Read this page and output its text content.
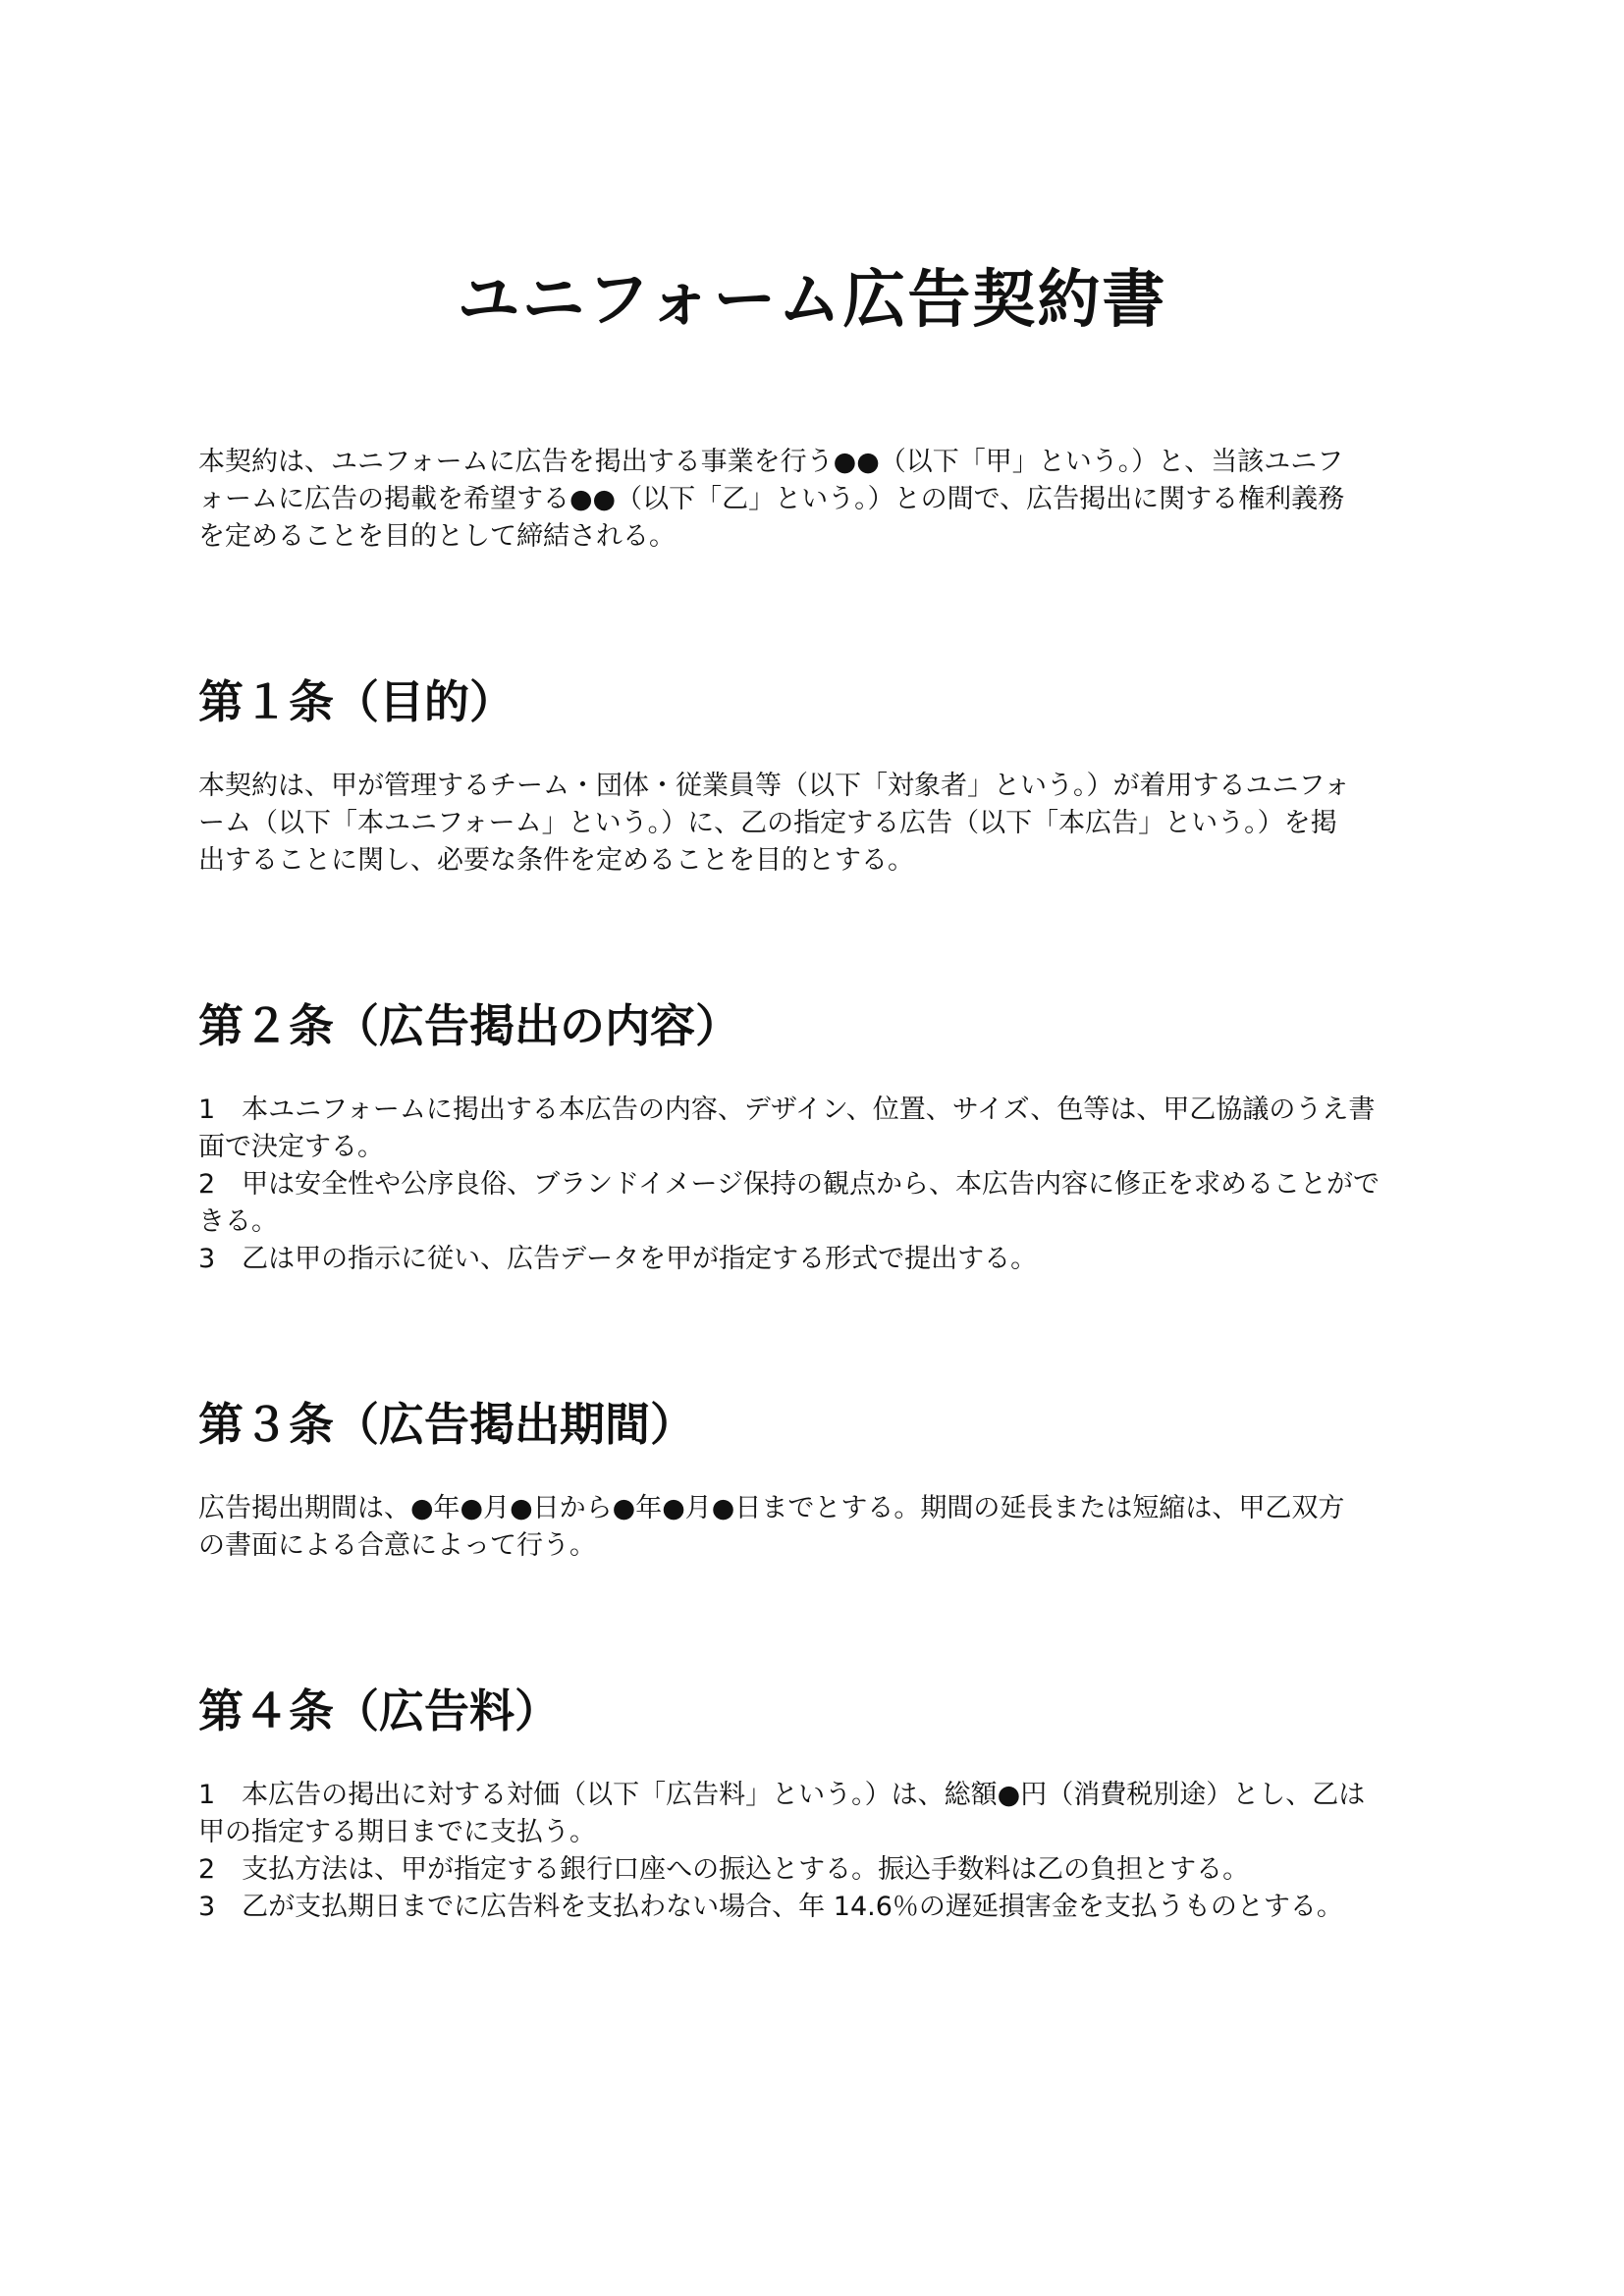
ユニフォーム広告契約書
本契約は、ユニフォームに広告を掲出する事業を行う●●（以下「甲」という。）と、当該ユニフ
ォームに広告の掲載を希望する●●（以下「乙」という。）との間で、広告掲出に関する権利義務
を定めることを目的として締結される。
第１条（目的）
本契約は、甲が管理するチーム・団体・従業員等（以下「対象者」という。）が着用するユニフォ
ーム（以下「本ユニフォーム」という。）に、乙の指定する広告（以下「本広告」という。）を掲
出することに関し、必要な条件を定めることを目的とする。
第２条（広告掲出の内容）
1　本ユニフォームに掲出する本広告の内容、デザイン、位置、サイズ、色等は、甲乙協議のうえ書
面で決定する。
2　甲は安全性や公序良俗、ブランドイメージ保持の観点から、本広告内容に修正を求めることがで
きる。
3　乙は甲の指示に従い、広告データを甲が指定する形式で提出する。
第３条（広告掲出期間）
広告掲出期間は、●年●月●日から●年●月●日までとする。期間の延長または短縮は、甲乙双方
の書面による合意によって行う。
第４条（広告料）
1　本広告の掲出に対する対価（以下「広告料」という。）は、総額●円（消費税別途）とし、乙は
甲の指定する期日までに支払う。
2　支払方法は、甲が指定する銀行口座への振込とする。振込手数料は乙の負担とする。
3　乙が支払期日までに広告料を支払わない場合、年 14.6％の遅延損害金を支払うものとする。
